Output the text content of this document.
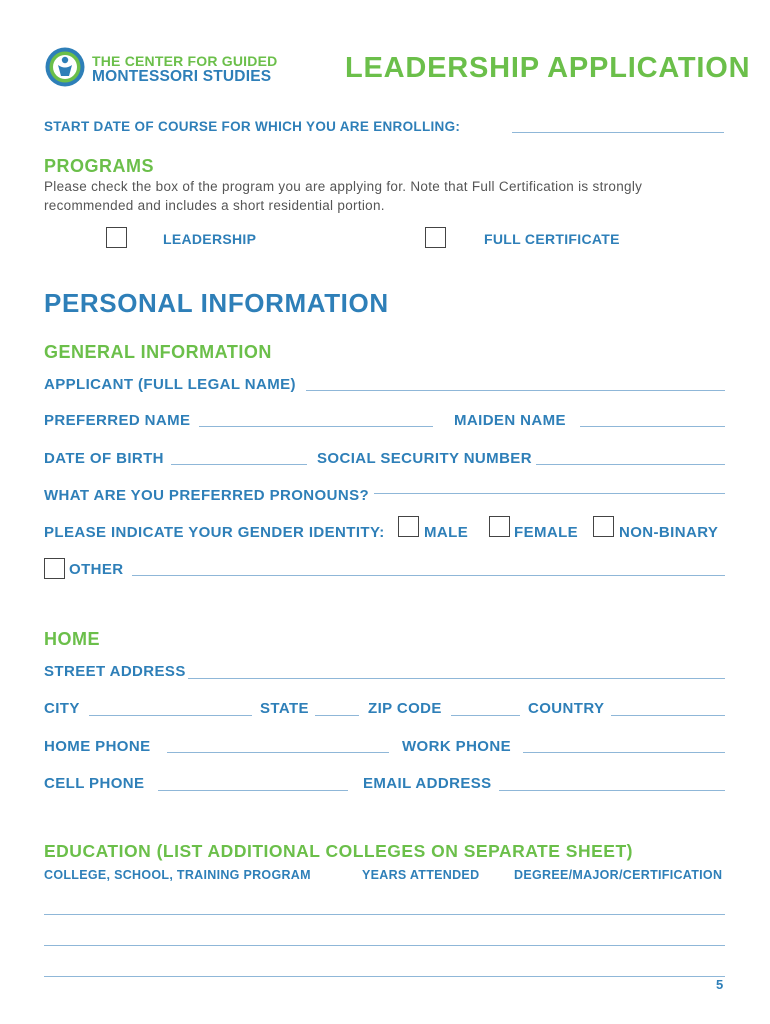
THE CENTER FOR GUIDED
MONTESSORI STUDIES	LEADERSHIP APPLICATION
START DATE OF COURSE FOR WHICH YOU ARE ENROLLING:
PROGRAMS
Please check the box of the program you are applying for. Note that Full Certification is strongly
recommended and includes a short residential portion.
LEADERSHIP	FULL CERTIFICATE
PERSONAL INFORMATION
GENERAL INFORMATION
APPLICANT (FULL LEGAL NAME)
PREFERRED NAME	MAIDEN NAME
DATE OF BIRTH	SOCIAL SECURITY NUMBER
WHAT ARE YOU PREFERRED PRONOUNS?
PLEASE INDICATE YOUR GENDER IDENTITY:	MALE	FEMALE	NON-BINARY
OTHER
HOME
STREET ADDRESS
CITY	STATE	ZIP CODE	COUNTRY
HOME PHONE	WORK PHONE
CELL PHONE	EMAIL ADDRESS
EDUCATION (LIST ADDITIONAL COLLEGES ON SEPARATE SHEET)
COLLEGE, SCHOOL, TRAINING PROGRAM	YEARS ATTENDED	DEGREE/MAJOR/CERTIFICATION
5
